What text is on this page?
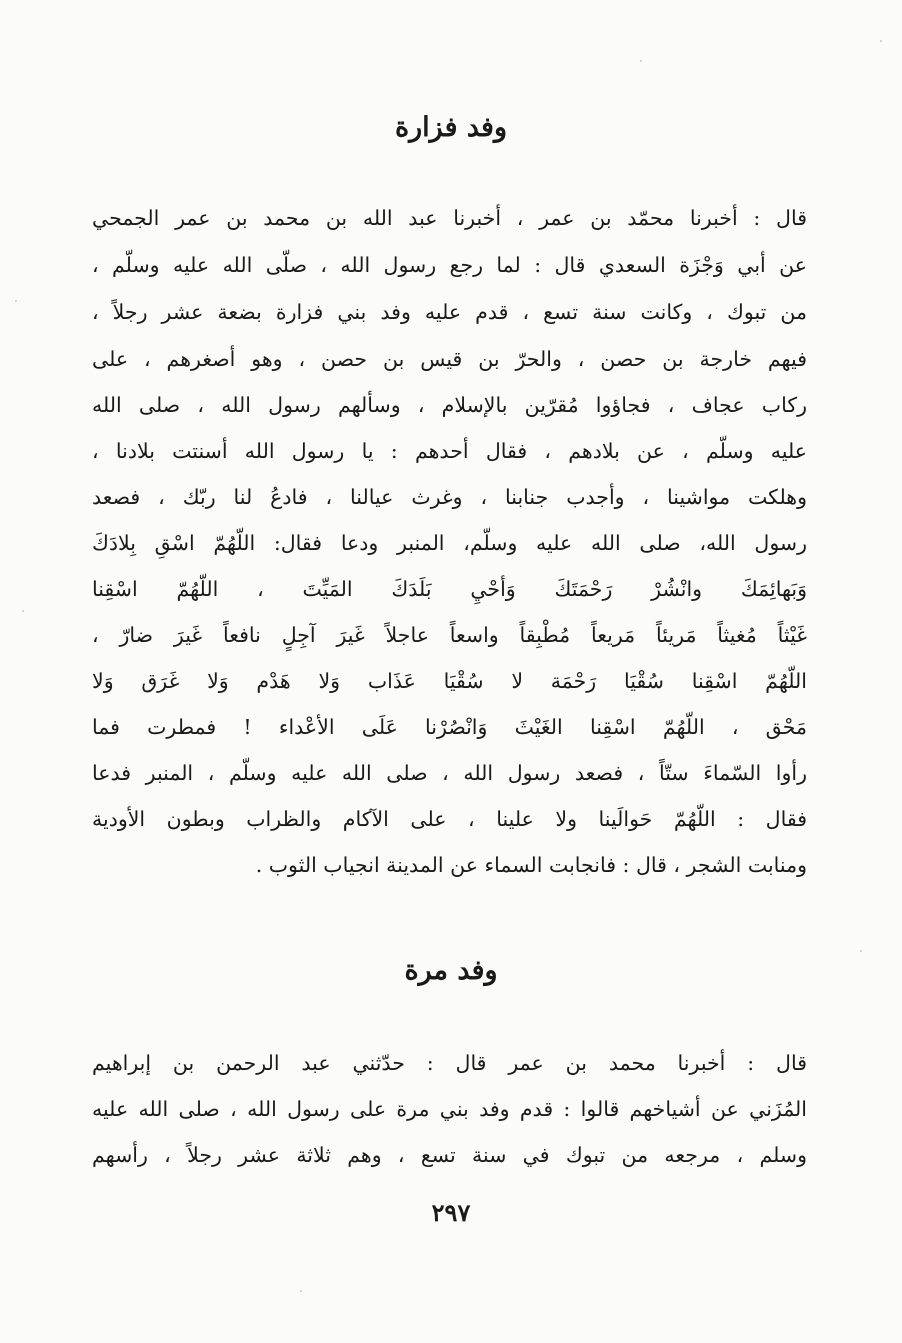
وفد فزارة
قال : أخبرنا محمّد بن عمر ، أخبرنا عبد الله بن محمد بن عمر الجمحي
عن أبي وَجْزَة السعدي قال : لما رجع رسول الله ، صلّى الله عليه وسلّم ،
من تبوك ، وكانت سنة تسع ، قدم عليه وفد بني فزارة بضعة عشر رجلاً ،
فيهم خارجة بن حصن ، والحرّ بن قيس بن حصن ، وهو أصغرهم ، على
ركاب عجاف ، فجاؤوا مُقرّين بالإسلام ، وسألهم رسول الله ، صلى الله
عليه وسلّم ، عن بلادهم ، فقال أحدهم : يا رسول الله أسنتت بلادنا ،
وهلكت مواشينا ، وأجدب جنابنا ، وغرث عيالنا ، فادعُ لنا ربّك ، فصعد
رسول الله، صلى الله عليه وسلّم، المنبر ودعا فقال: اللّهُمّ اسْقِ بِلادَكَ
وَبَهائِمَكَ وانْشُرْ رَحْمَتَكَ وَأحْيِ بَلَدَكَ المَيِّتَ ، اللّهُمّ اسْقِنا
غَيْثاً مُغيثاً مَريئاً مَريعاً مُطْبِقاً واسعاً عاجلاً غَيرَ آجِلٍ نافعاً غَيرَ ضارّ ،
اللّهُمّ اسْقِنا سُقْيَا رَحْمَة لا سُقْيَا عَذَاب وَلا هَدْم وَلا غَرَق وَلا
مَحْق ، اللّهُمّ اسْقِنا الغَيْثَ وَانْصُرْنا عَلَى الأعْداء ! فمطرت فما
رأوا السّماءَ ستّاً ، فصعد رسول الله ، صلى الله عليه وسلّم ، المنبر فدعا
فقال : اللّهُمّ حَوالَينا ولا علينا ، على الآكام والظراب وبطون الأودية
ومنابت الشجر ، قال : فانجابت السماء عن المدينة انجياب الثوب .
وفد مرة
قال : أخبرنا محمد بن عمر قال : حدّثني عبد الرحمن بن إبراهيم
المُزَني عن أشياخهم قالوا : قدم وفد بني مرة على رسول الله ، صلى الله عليه
وسلم ، مرجعه من تبوك في سنة تسع ، وهم ثلاثة عشر رجلاً ، رأسهم
٢٩٧
